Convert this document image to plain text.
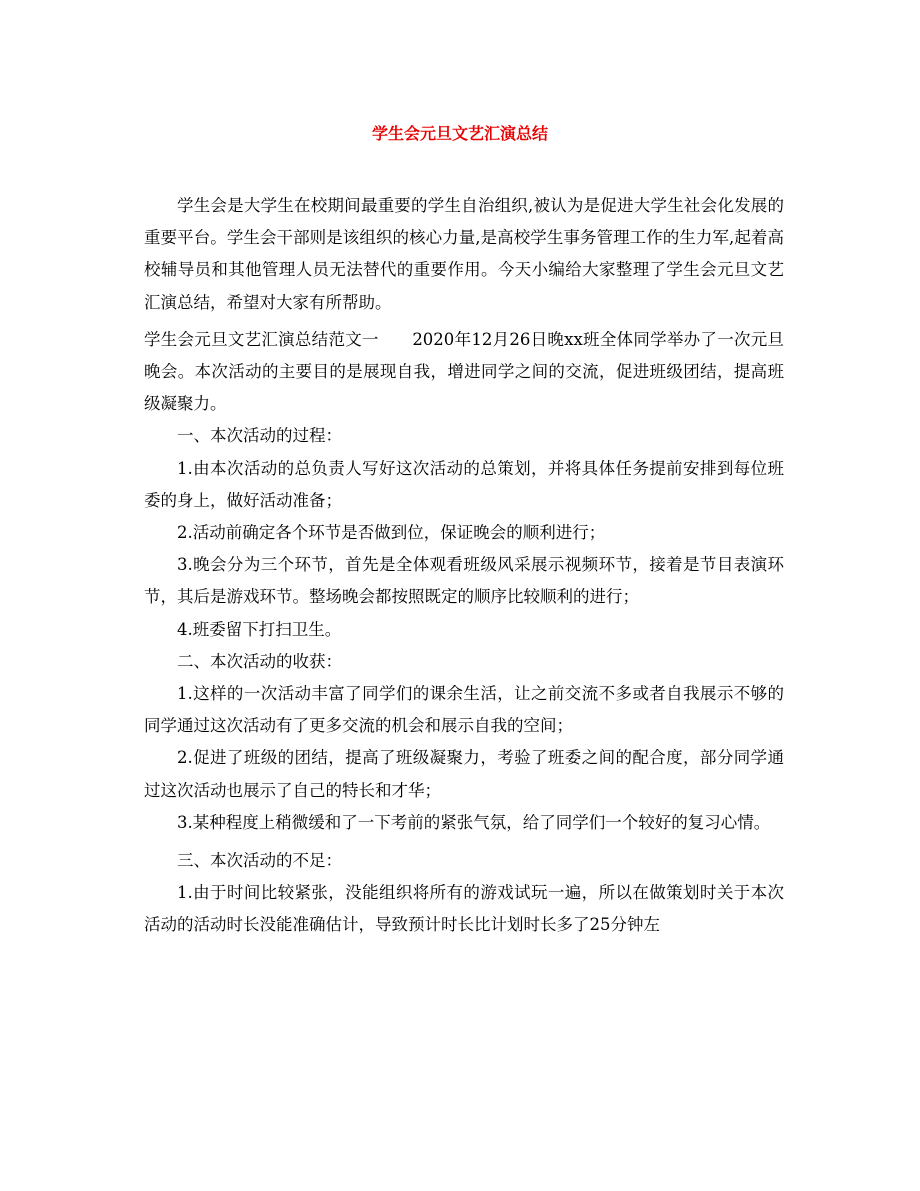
学生会元旦文艺汇演总结

学生会是大学生在校期间最重要的学生自治组织,被认为是促进大学生社会化发展的重要平台。学生会干部则是该组织的核心力量,是高校学生事务管理工作的生力军,起着高校辅导员和其他管理人员无法替代的重要作用。今天小编给大家整理了学生会元旦文艺汇演总结，希望对大家有所帮助。

学生会元旦文艺汇演总结范文一　　 2020年12月26日晚xx班全体同学举办了一次元旦晚会。本次活动的主要目的是展现自我，增进同学之间的交流，促进班级团结，提高班级凝聚力。

一、本次活动的过程：

1.由本次活动的总负责人写好这次活动的总策划，并将具体任务提前安排到每位班委的身上，做好活动准备；

2.活动前确定各个环节是否做到位，保证晚会的顺利进行；

3.晚会分为三个环节，首先是全体观看班级风采展示视频环节，接着是节目表演环节，其后是游戏环节。整场晚会都按照既定的顺序比较顺利的进行；

4.班委留下打扫卫生。

二、本次活动的收获：

1.这样的一次活动丰富了同学们的课余生活，让之前交流不多或者自我展示不够的同学通过这次活动有了更多交流的机会和展示自我的空间；

2.促进了班级的团结，提高了班级凝聚力，考验了班委之间的配合度，部分同学通过这次活动也展示了自己的特长和才华；

3.某种程度上稍微缓和了一下考前的紧张气氛，给了同学们一个较好的复习心情。

三、本次活动的不足：

1.由于时间比较紧张，没能组织将所有的游戏试玩一遍，所以在做策划时关于本次活动的活动时长没能准确估计，导致预计时长比计划时长多了25分钟左
